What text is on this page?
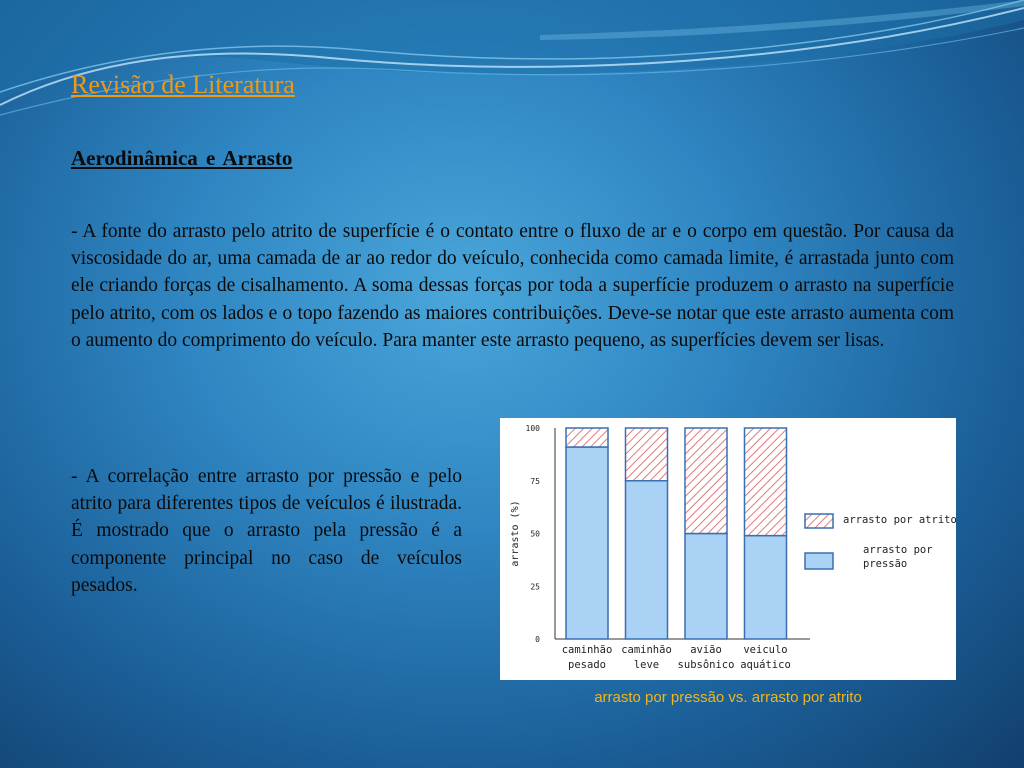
Revisão de Literatura
Aerodinâmica e Arrasto

- A fonte do arrasto pelo atrito de superfície é o contato entre o fluxo de ar e o corpo em questão. Por causa da viscosidade do ar, uma camada de ar ao redor do veículo, conhecida como camada limite, é arrastada junto com ele criando forças de cisalhamento. A soma dessas forças por toda a superfície produzem o arrasto na superfície pelo atrito, com os lados e o topo fazendo as maiores contribuições. Deve-se notar que este arrasto aumenta com o aumento do comprimento do veículo. Para manter este arrasto pequeno, as superfícies devem ser lisas.

- A correlação entre arrasto por pressão e pelo atrito para diferentes tipos de veículos é ilustrada. É mostrado que o arrasto pela pressão é a componente principal no caso de veículos pesados.

0
25
50
75
100
arrasto (%)
caminhão
pesado
caminhão
leve
avião
subsônico
veiculo
aquático
arrasto por atrito
arrasto por
pressão

arrasto por pressão vs. arrasto por atrito
